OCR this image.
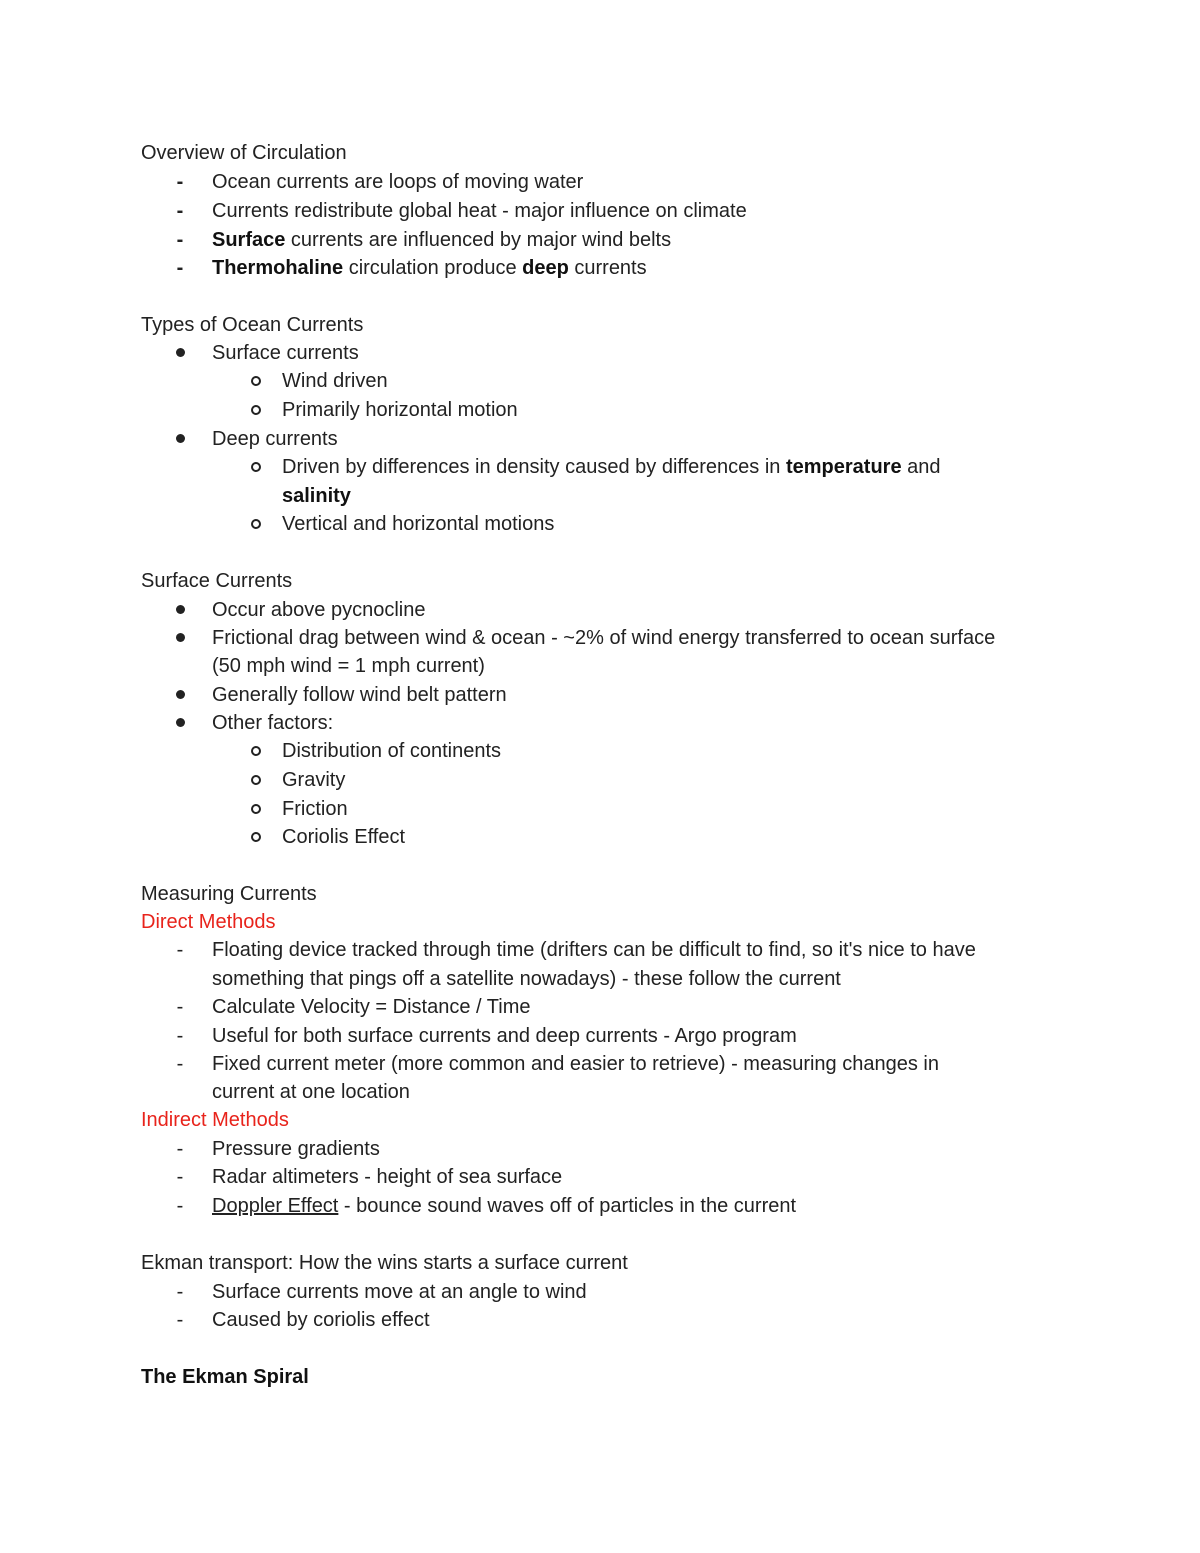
Overview of Circulation
-	Ocean currents are loops of moving water
-	Currents redistribute global heat - major influence on climate
-	Surface currents are influenced by major wind belts
-	Thermohaline circulation produce deep currents
Types of Ocean Currents
Surface currents
Wind driven
Primarily horizontal motion
Deep currents
Driven by differences in density caused by differences in temperature and
salinity
Vertical and horizontal motions
Surface Currents
Occur above pycnocline
Frictional drag between wind & ocean - ~2% of wind energy transferred to ocean surface
(50 mph wind = 1 mph current)
Generally follow wind belt pattern
Other factors:
Distribution of continents
Gravity
Friction
Coriolis Effect
Measuring Currents
Direct Methods
-	Floating device tracked through time (drifters can be difficult to find, so it's nice to have
something that pings off a satellite nowadays) - these follow the current
-	Calculate Velocity = Distance / Time
-	Useful for both surface currents and deep currents - Argo program
-	Fixed current meter (more common and easier to retrieve) - measuring changes in
current at one location
Indirect Methods
-	Pressure gradients
-	Radar altimeters - height of sea surface
-	Doppler Effect - bounce sound waves off of particles in the current
Ekman transport: How the wins starts a surface current
-	Surface currents move at an angle to wind
-	Caused by coriolis effect
The Ekman Spiral
